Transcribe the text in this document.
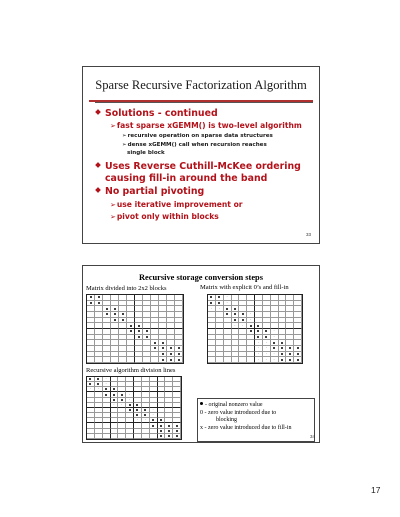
Sparse Recursive Factorization Algorithm
Solutions - continued
➢fast sparse xGEMM() is two-level algorithm
➢recursive operation on sparse data structures
➢dense xGEMM() call when recursion reaches
single block
Uses Reverse Cuthill-McKee ordering
causing fill-in around the band
No partial pivoting
➢use iterative improvement or
➢pivot only within blocks
33
Recursive storage conversion steps
Matrix divided into 2x2 blocks	Matrix with explicit 0’s and fill-in
·
·
·	·
·
·
·	·
·
·
·	·
·	·
·	·	·
·	·	·
Recursive algorithm division lines
·
·
·	·
·
·
·	·
·
·
·	·
- original nonzero value
0 - zero value introduced due to
blocking
x - zero value introduced due to fill-in
34
17
